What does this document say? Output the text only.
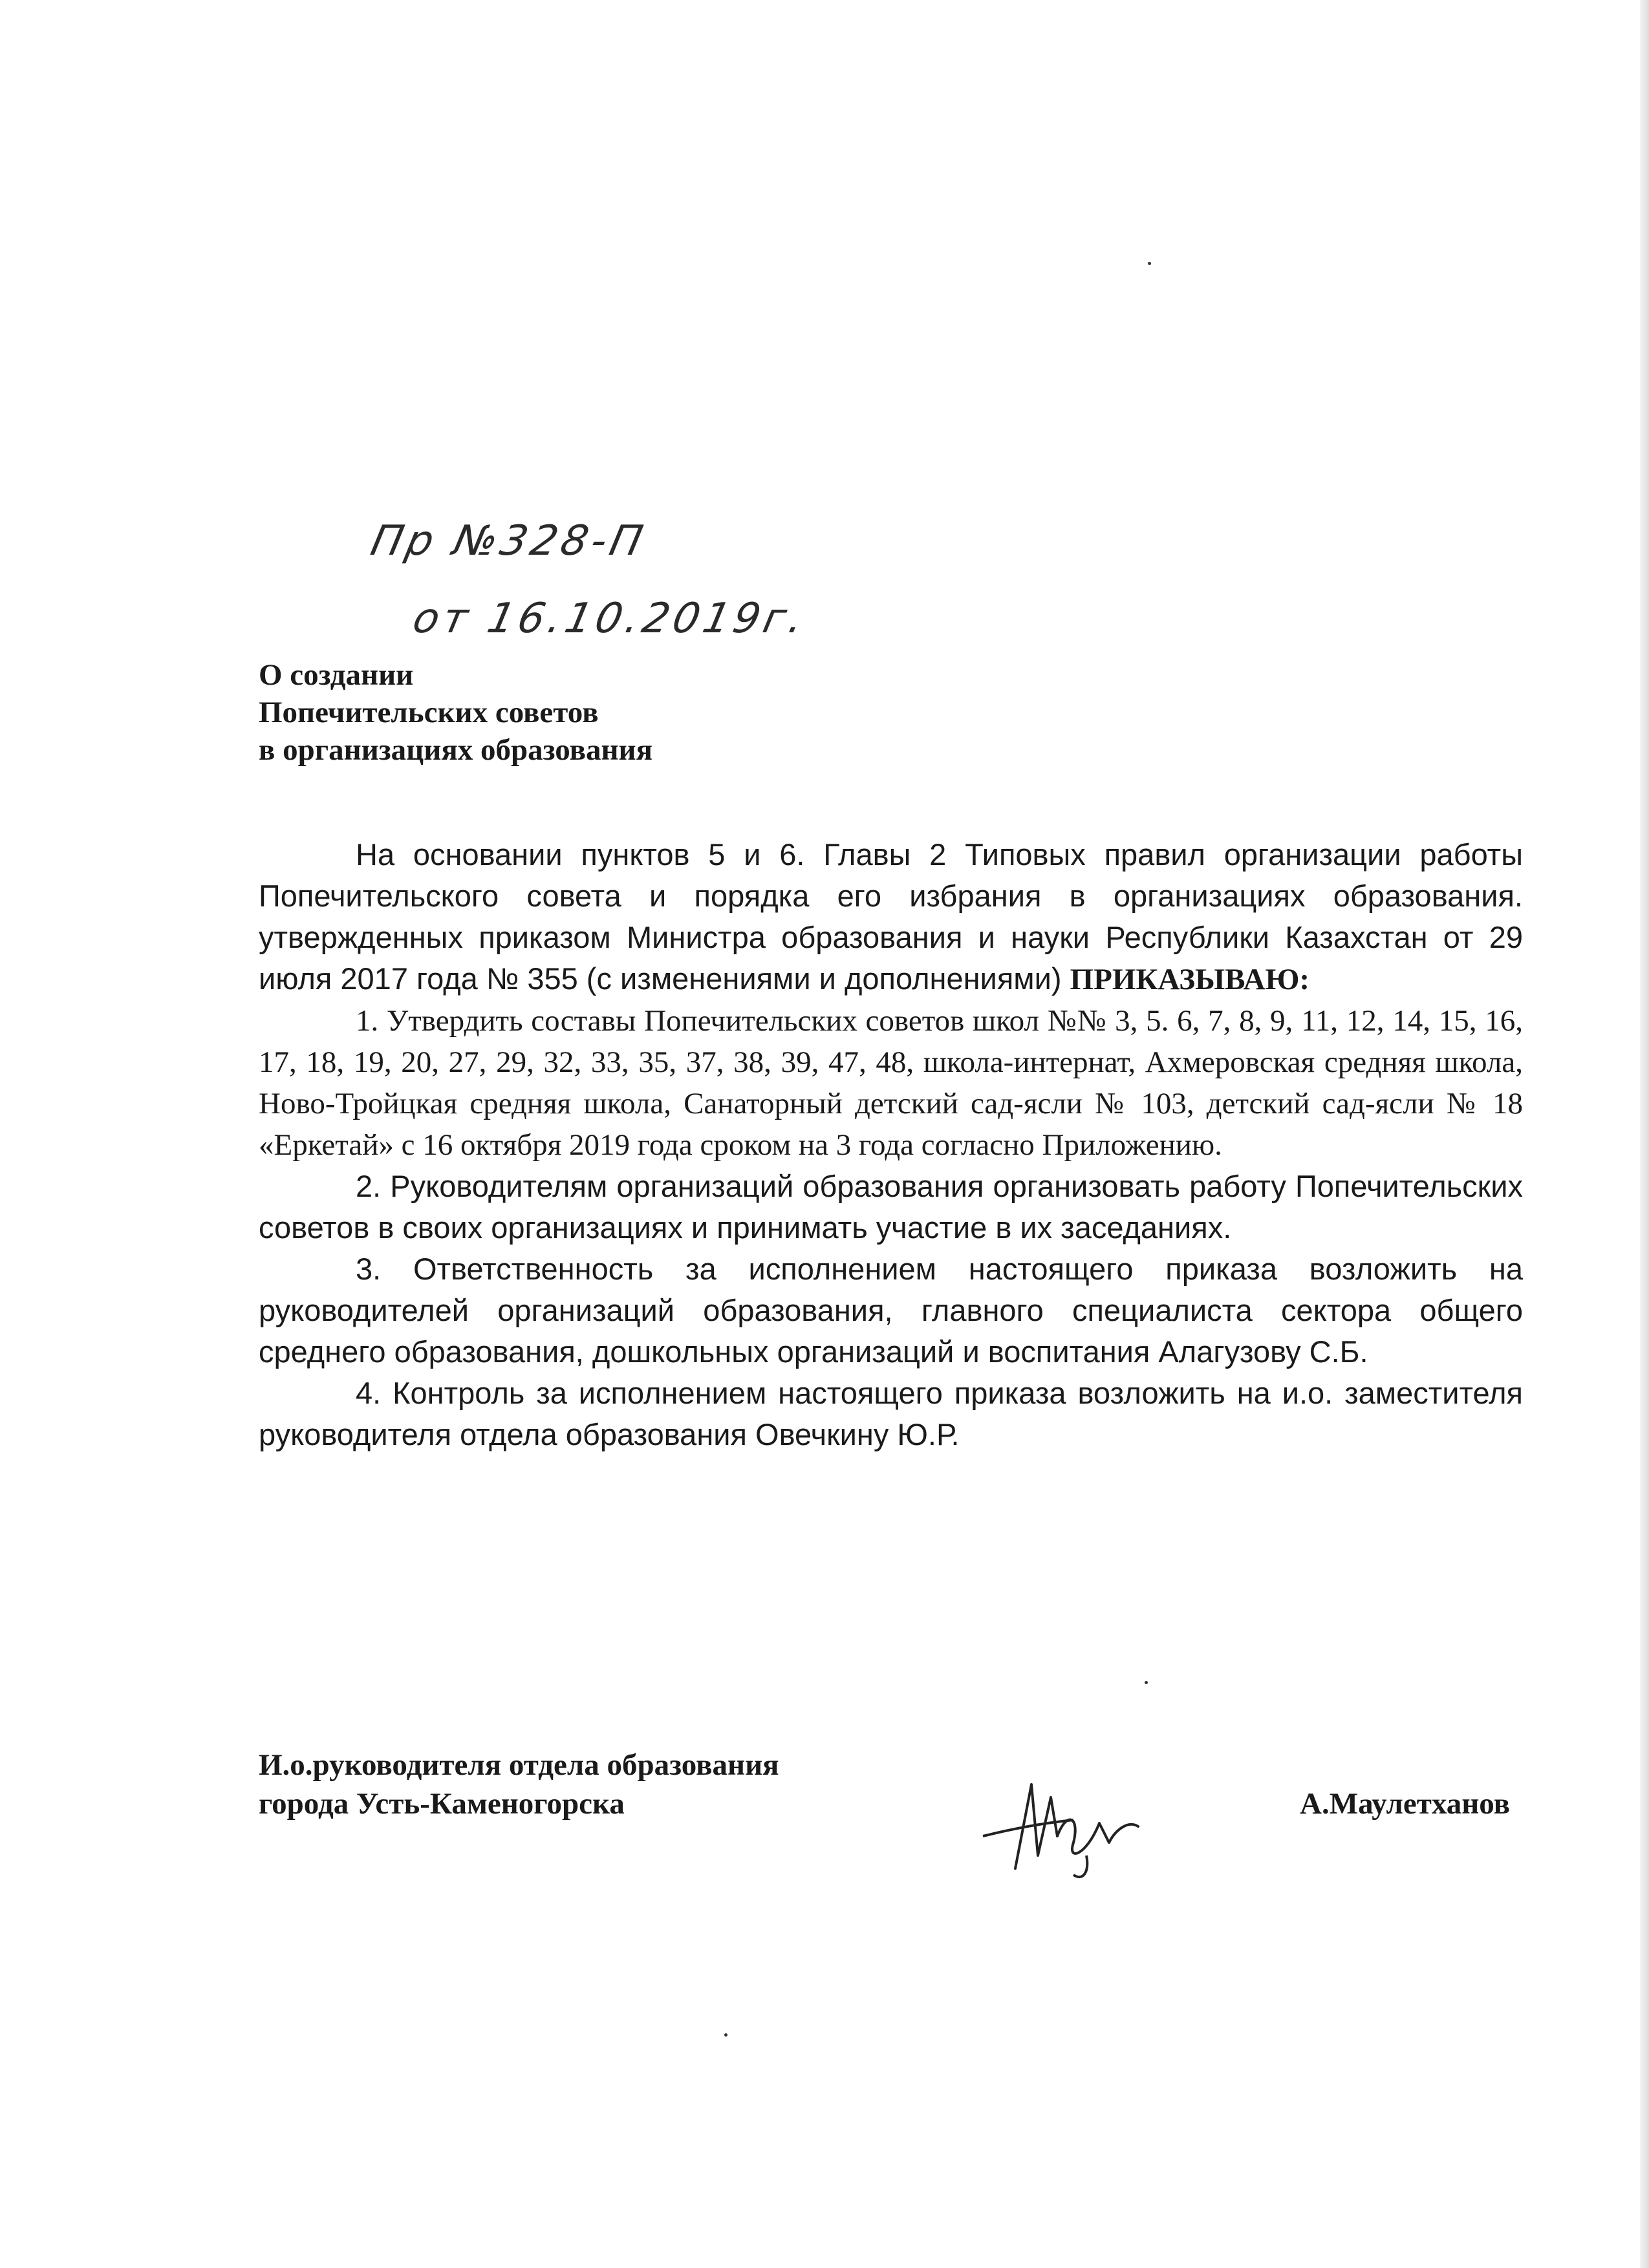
Пр №328-П
от 16.10.2019г.
О создании
Попечительских советов
в организациях образования

На основании пунктов 5 и 6. Главы 2 Типовых правил организации работы Попечительского совета и порядка его избрания в организациях образования. утвержденных приказом Министра образования и науки Республики Казахстан от 29 июля 2017 года № 355 (с изменениями и дополнениями) ПРИКАЗЫВАЮ:

1. Утвердить составы Попечительских советов школ №№ 3, 5. 6, 7, 8, 9, 11, 12, 14, 15, 16, 17, 18, 19, 20, 27, 29, 32, 33, 35, 37, 38, 39, 47, 48, школа-интернат, Ахмеровская средняя школа, Ново-Тройцкая средняя школа, Санаторный детский сад-ясли № 103, детский сад-ясли № 18 «Еркетай» с 16 октября 2019 года сроком на 3 года согласно Приложению.

2. Руководителям организаций образования организовать работу Попечительских советов в своих организациях и принимать участие в их заседаниях.

3. Ответственность за исполнением настоящего приказа возложить на руководителей организаций образования, главного специалиста сектора общего среднего образования, дошкольных организаций и воспитания Алагузову С.Б.

4. Контроль за исполнением настоящего приказа возложить на и.о. заместителя руководителя отдела образования Овечкину Ю.Р.

И.о.руководителя отдела образования
города Усть-Каменогорска	А.Маулетханов
